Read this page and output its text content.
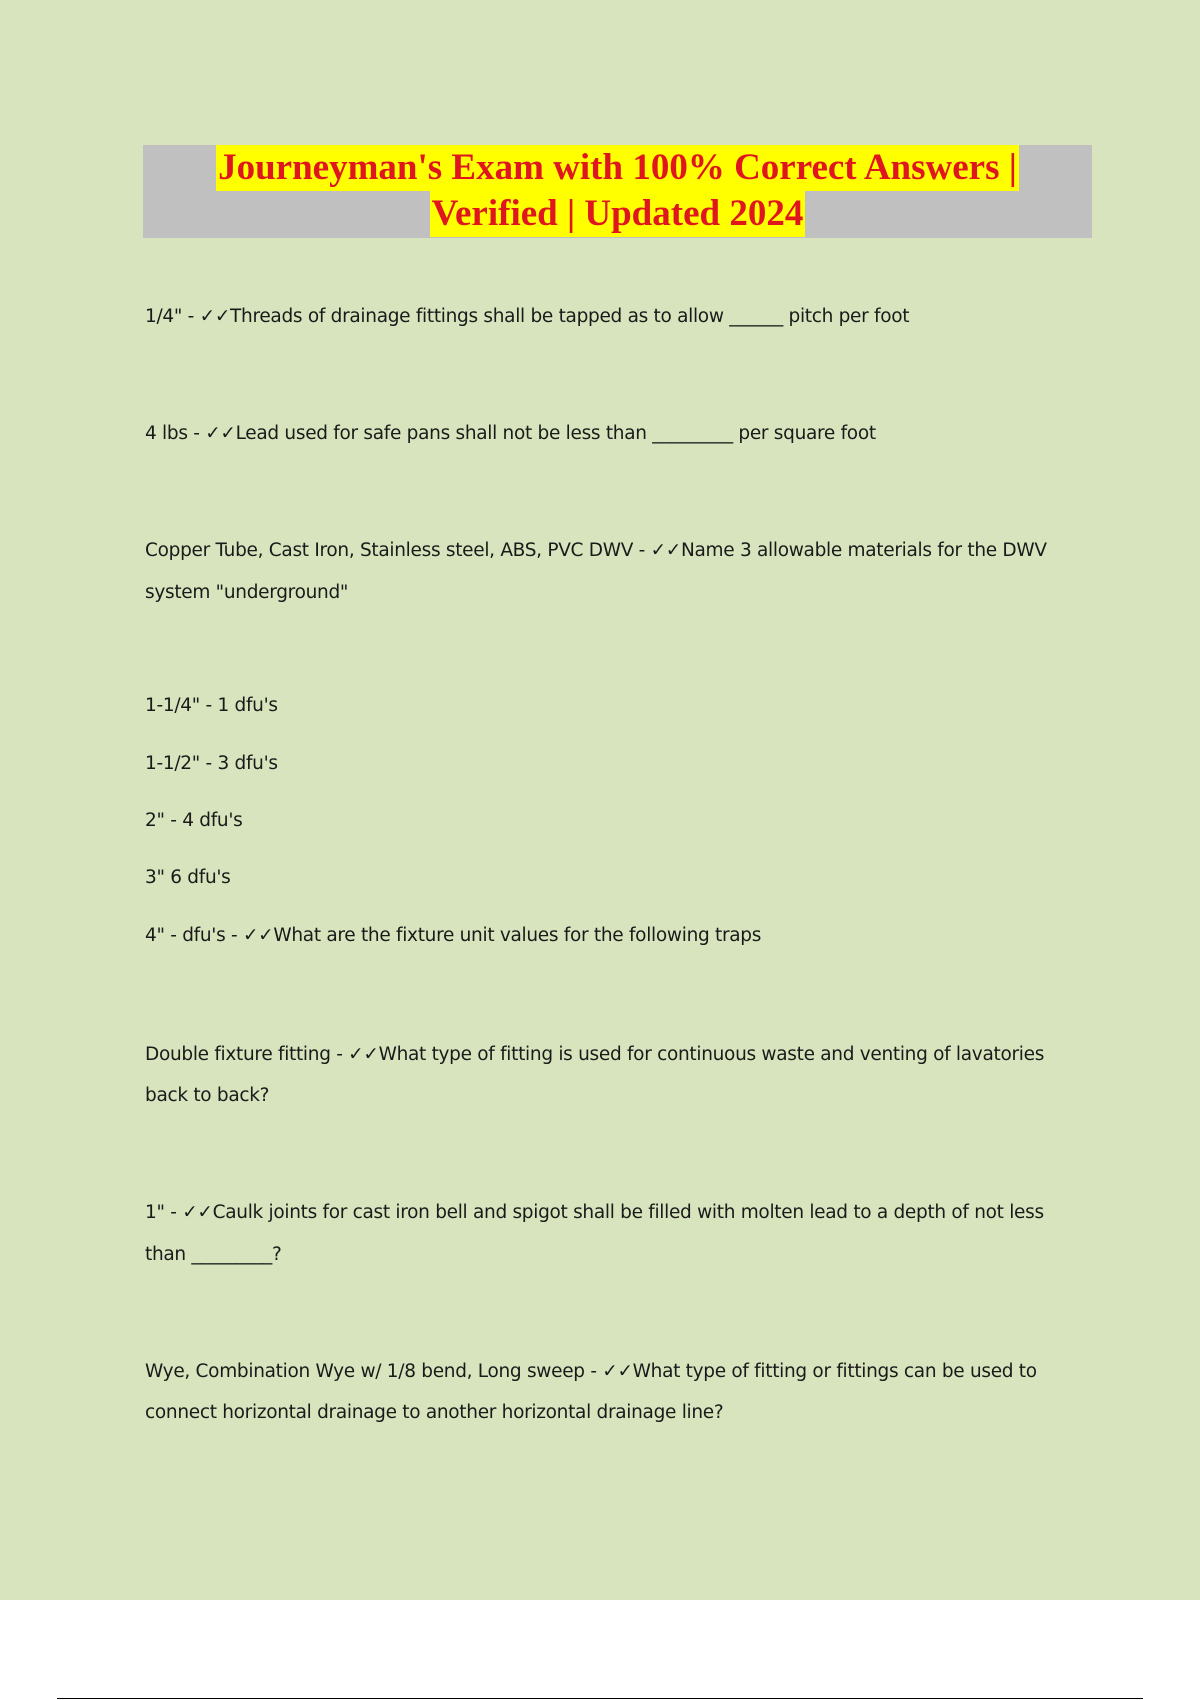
Journeyman's Exam with 100% Correct Answers |
Verified | Updated 2024
1/4" - ✓✓Threads of drainage fittings shall be tapped as to allow ______ pitch per foot
4 lbs - ✓✓Lead used for safe pans shall not be less than _________ per square foot
Copper Tube, Cast Iron, Stainless steel, ABS, PVC DWV - ✓✓Name 3 allowable materials for the DWV
system "underground"
1-1/4" - 1 dfu's
1-1/2" - 3 dfu's
2" - 4 dfu's
3" 6 dfu's
4" - dfu's - ✓✓What are the fixture unit values for the following traps
Double fixture fitting - ✓✓What type of fitting is used for continuous waste and venting of lavatories
back to back?
1" - ✓✓Caulk joints for cast iron bell and spigot shall be filled with molten lead to a depth of not less
than _________?
Wye, Combination Wye w/ 1/8 bend, Long sweep - ✓✓What type of fitting or fittings can be used to
connect horizontal drainage to another horizontal drainage line?
